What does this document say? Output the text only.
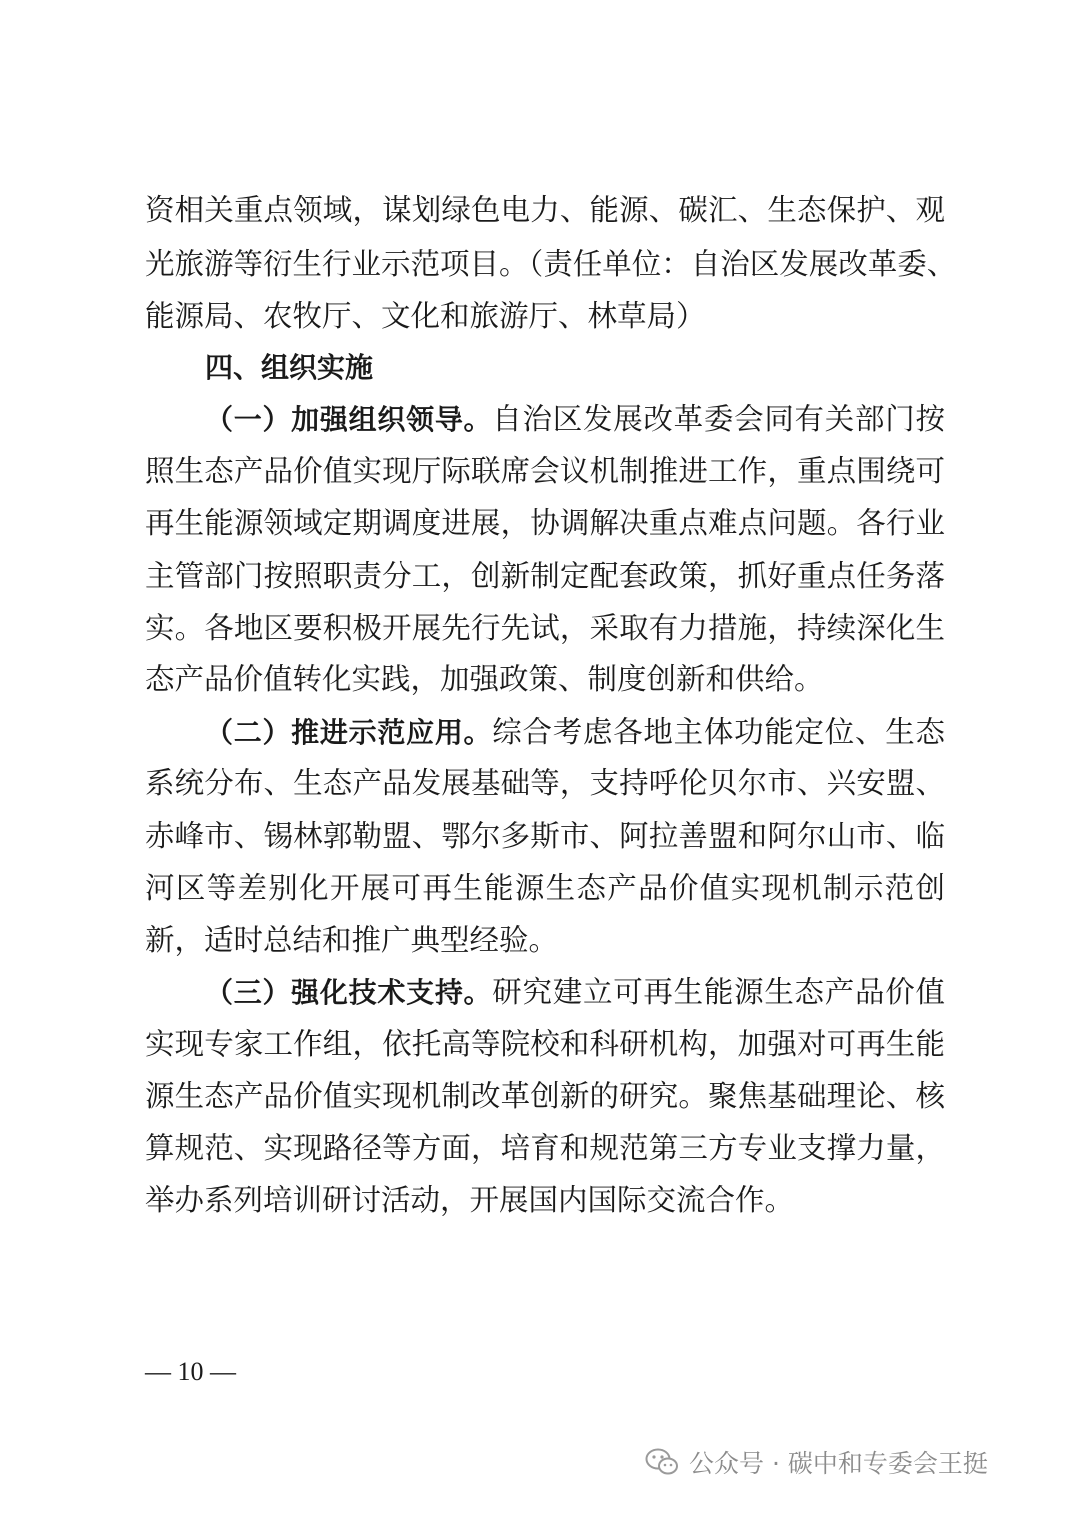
资相关重点领域，谋划绿色电力、能源、碳汇、生态保护、观
光旅游等衍生行业示范项目。（责任单位：自治区发展改革委、
能源局、农牧厅、文化和旅游厅、林草局）
四、组织实施
（一）加强组织领导。自治区发展改革委会同有关部门按
照生态产品价值实现厅际联席会议机制推进工作，重点围绕可
再生能源领域定期调度进展，协调解决重点难点问题。各行业
主管部门按照职责分工，创新制定配套政策，抓好重点任务落
实。各地区要积极开展先行先试，采取有力措施，持续深化生
态产品价值转化实践，加强政策、制度创新和供给。
（二）推进示范应用。综合考虑各地主体功能定位、生态
系统分布、生态产品发展基础等，支持呼伦贝尔市、兴安盟、
赤峰市、锡林郭勒盟、鄂尔多斯市、阿拉善盟和阿尔山市、临
河区等差别化开展可再生能源生态产品价值实现机制示范创
新，适时总结和推广典型经验。
（三）强化技术支持。研究建立可再生能源生态产品价值
实现专家工作组，依托高等院校和科研机构，加强对可再生能
源生态产品价值实现机制改革创新的研究。聚焦基础理论、核
算规范、实现路径等方面，培育和规范第三方专业支撑力量，
举办系列培训研讨活动，开展国内国际交流合作。
— 10 —
公众号 · 碳中和专委会王挺
